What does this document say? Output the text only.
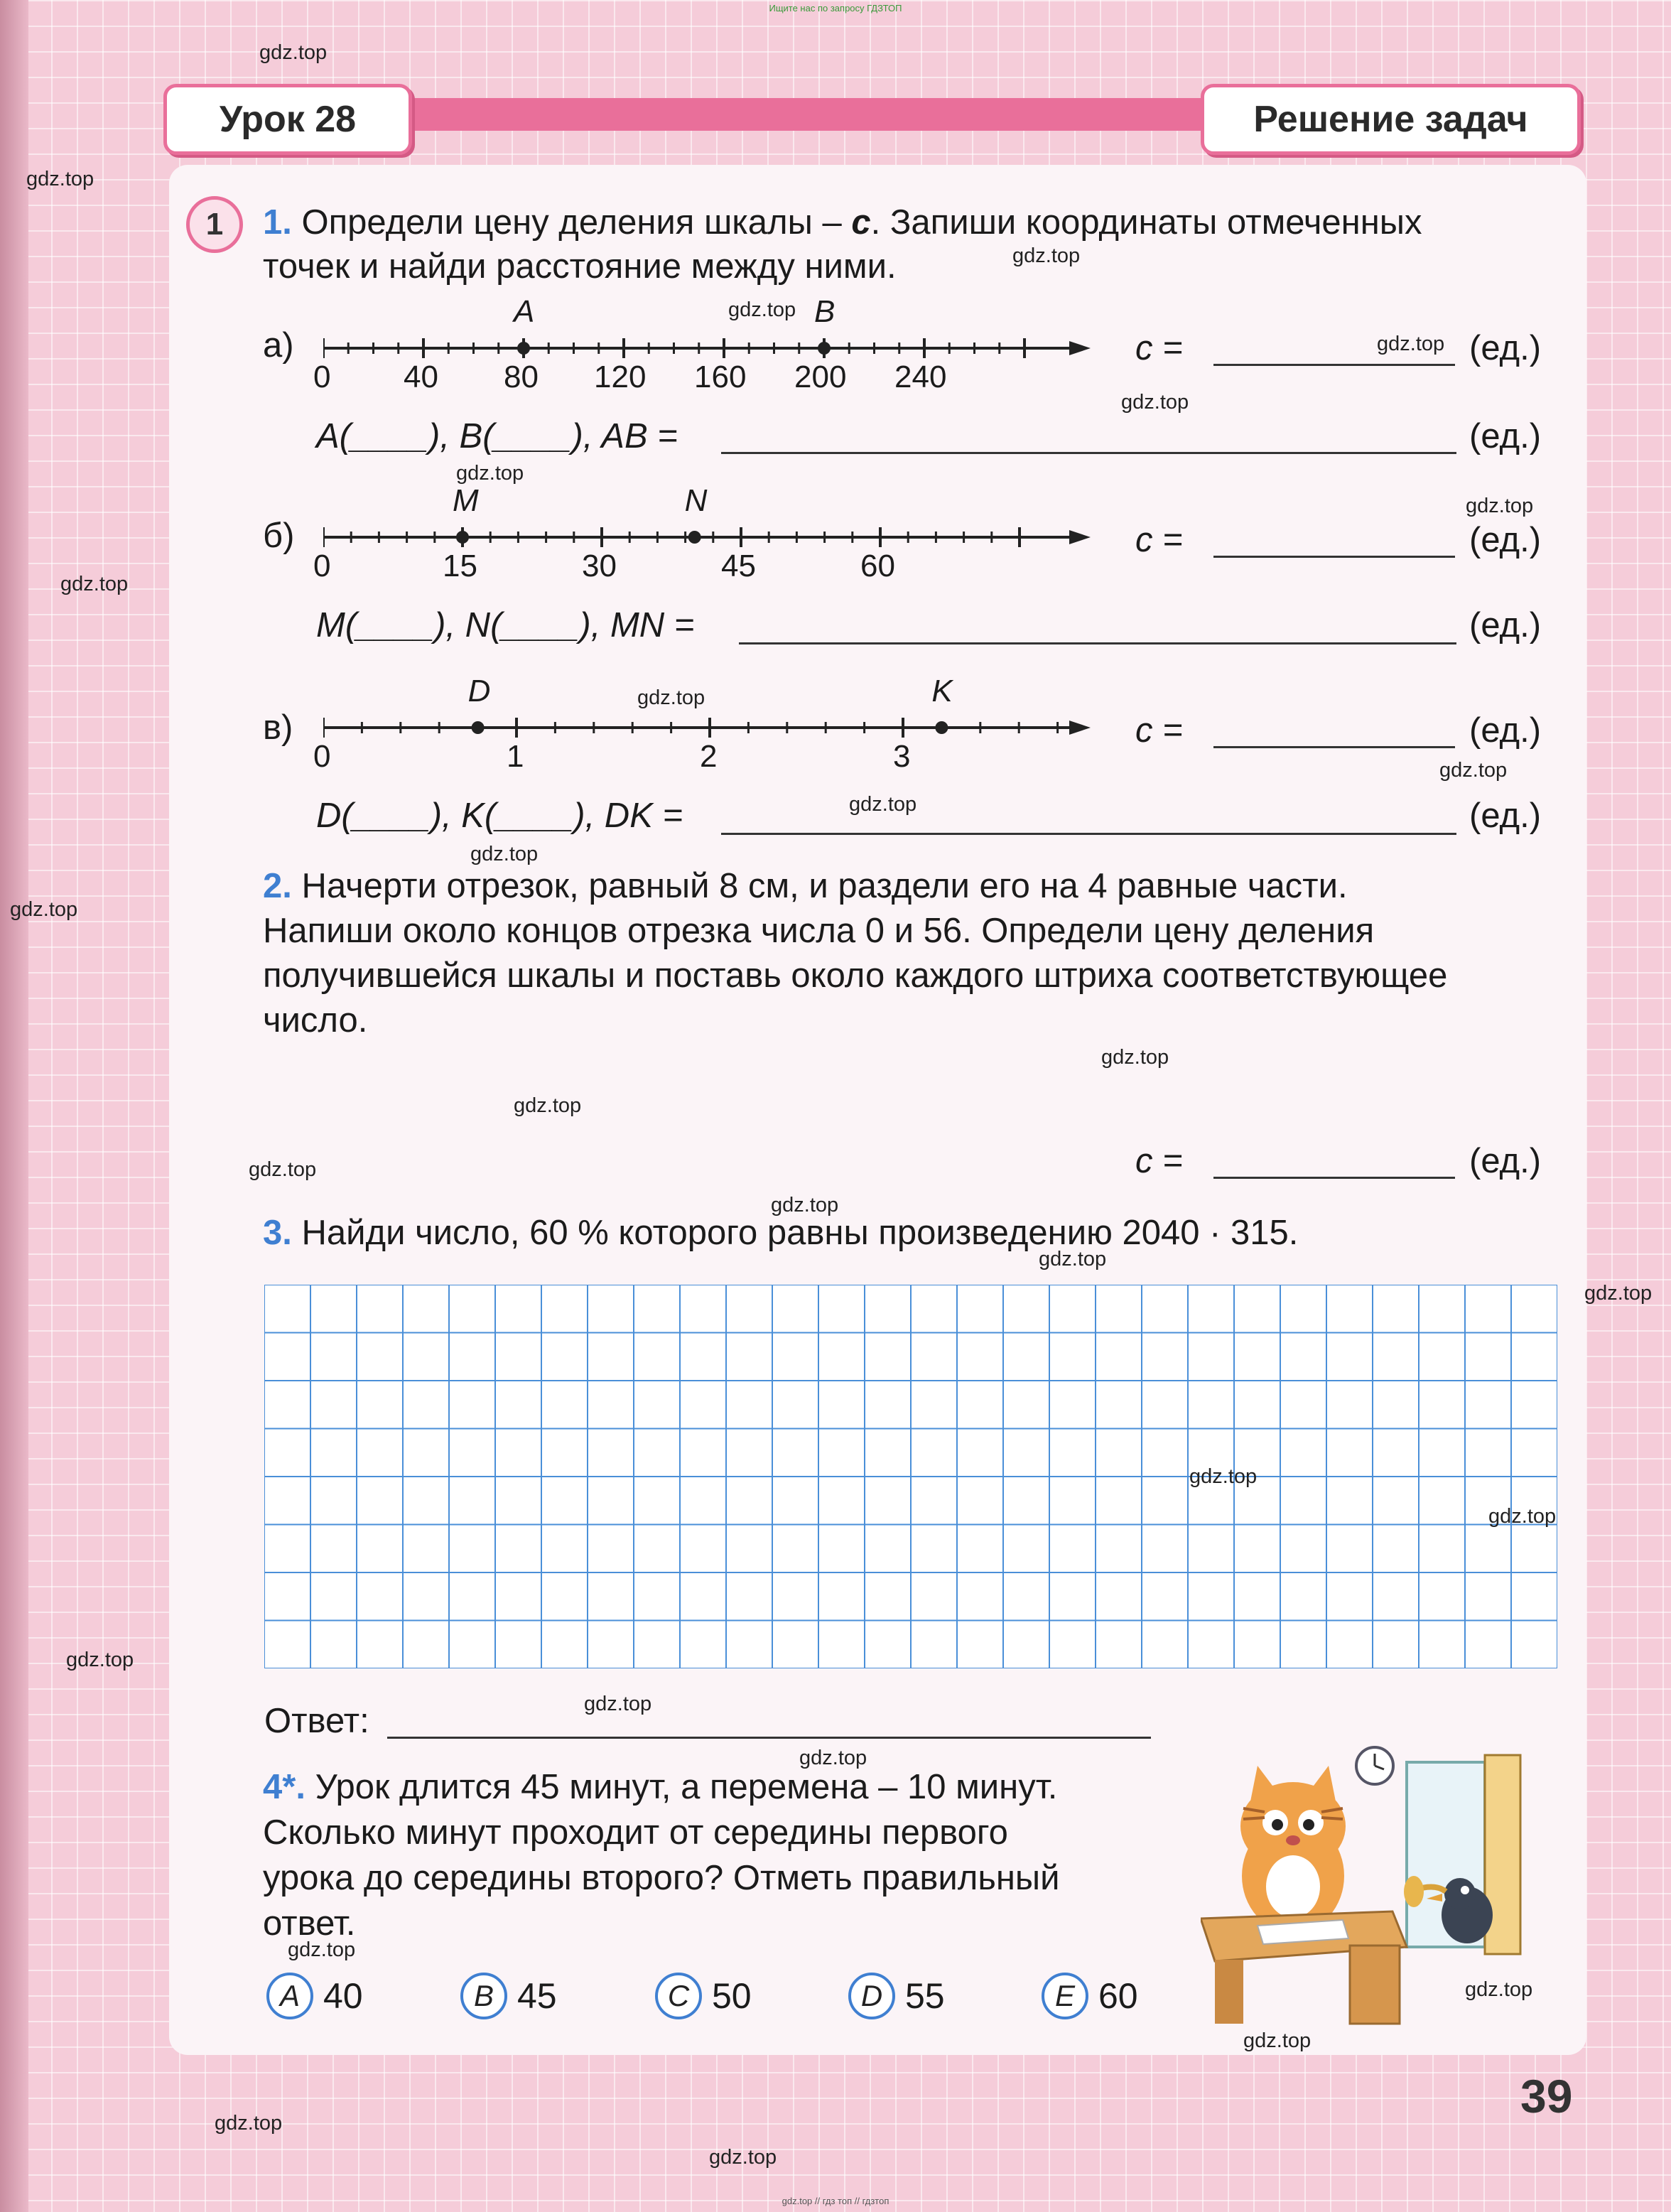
Ищите нас по запросу ГДЗТОП
Урок 28	Решение задач
1	1. Определи цену деления шкалы – c. Запиши координаты отмеченных
точек и найди расстояние между ними.
а)
0 40 80 120 160 200 240
A	B
c =	(ед.)
A(____), B(____), AB =	(ед.)
б)
0	15	30	45	60
M	N
c =	(ед.)
M(____), N(____), MN =	(ед.)
в)
0	1	2	3
D	K
c =	(ед.)
D(____), K(____), DK =	(ед.)
2. Начерти отрезок, равный 8 см, и раздели его на 4 равные части.
Напиши около концов отрезка числа 0 и 56. Определи цену деления
получившейся шкалы и поставь около каждого штриха соответствующее
число.
c =	(ед.)
3. Найди число, 60 % которого равны произведению 2040 · 315.
Ответ:
4*. Урок длится 45 минут, а перемена – 10 минут.
Сколько минут проходит от середины первого
урока до середины второго? Отметь правильный
ответ.
A 40	B 45	C 50	D 55	E 60
39
gdz.top // гдз топ // гдзтоп
gdz.top
gdz.top
gdz.top
gdz.top
gdz.top
gdz.top
gdz.top
gdz.top
gdz.top
gdz.top
gdz.top
gdz.top
gdz.top
gdz.top
gdz.top
gdz.top
gdz.top
gdz.top
gdz.top
gdz.top
gdz.top
gdz.top
gdz.top
gdz.top
gdz.top
gdz.top
gdz.top
gdz.top
gdz.top
gdz.top
